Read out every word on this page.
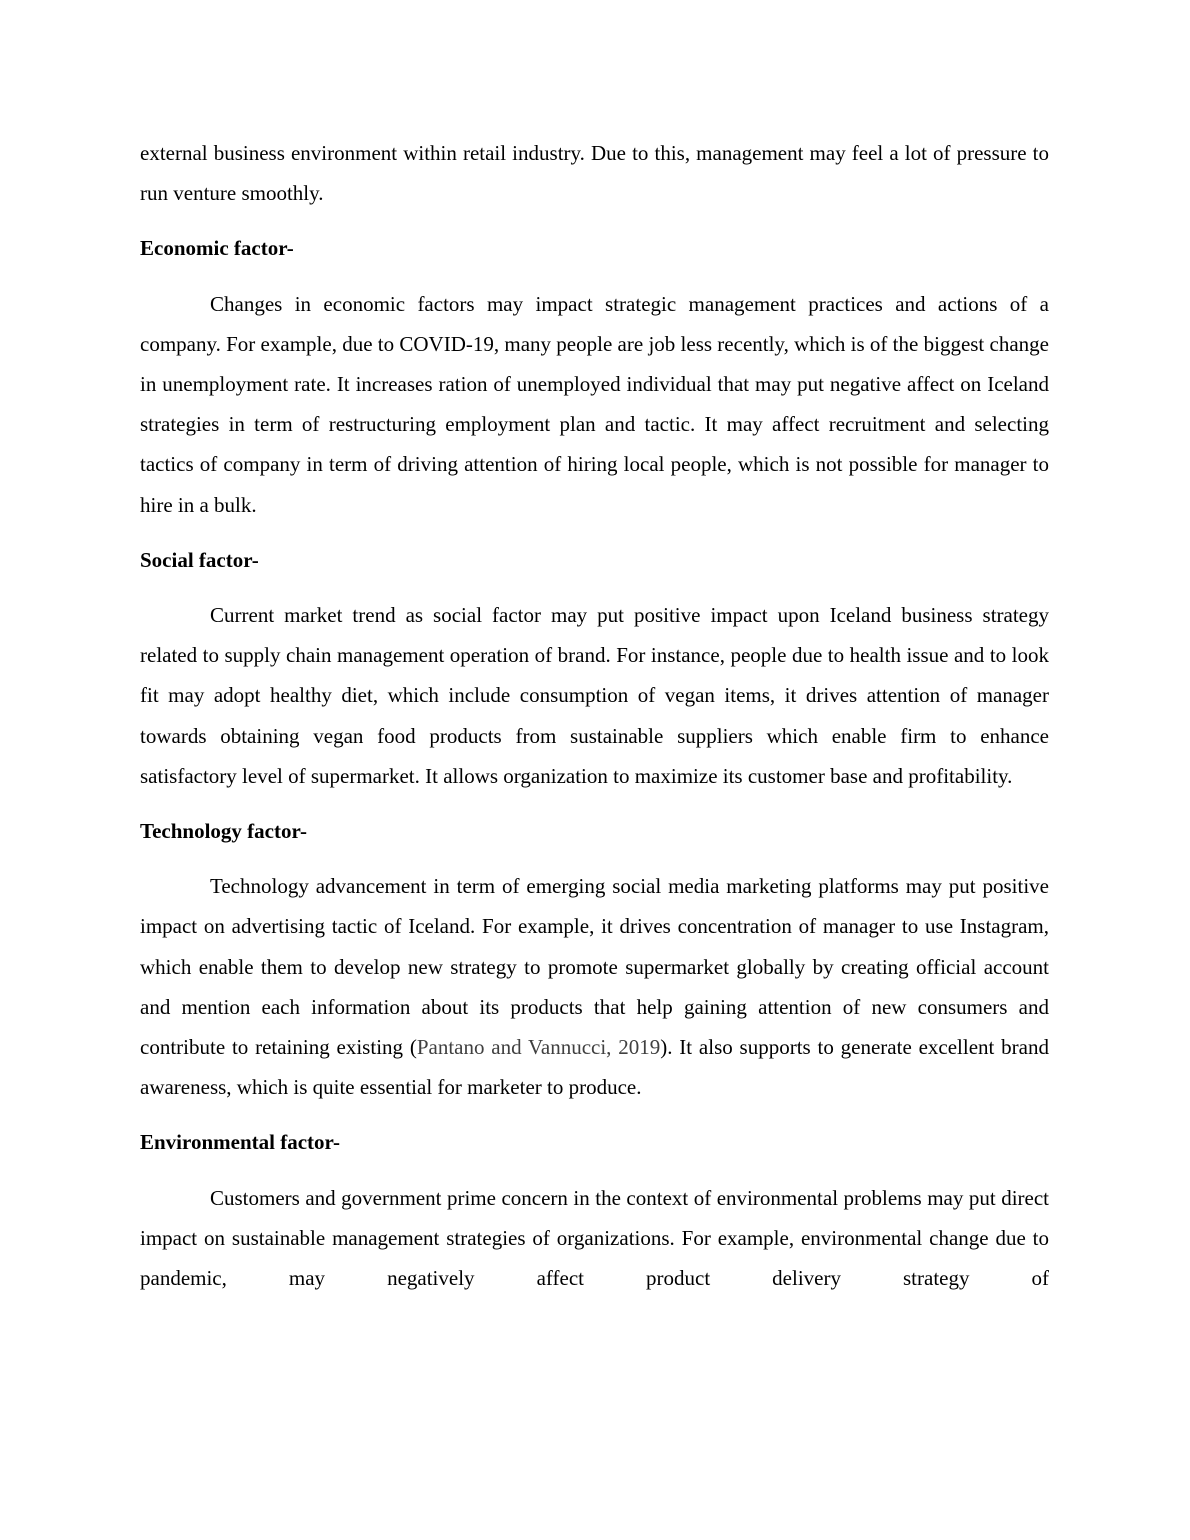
external business environment within retail industry. Due to this, management may feel a lot of pressure to run venture smoothly.

Economic factor-

Changes in economic factors may impact strategic management practices and actions of a company. For example, due to COVID-19, many people are job less recently, which is of the biggest change in unemployment rate. It increases ration of unemployed individual that may put negative affect on Iceland strategies in term of restructuring employment plan and tactic. It may affect recruitment and selecting tactics of company in term of driving attention of hiring local people, which is not possible for manager to hire in a bulk.

Social factor-

Current market trend as social factor may put positive impact upon Iceland business strategy related to supply chain management operation of brand. For instance, people due to health issue and to look fit may adopt healthy diet, which include consumption of vegan items, it drives attention of manager towards obtaining vegan food products from sustainable suppliers which enable firm to enhance satisfactory level of supermarket. It allows organization to maximize its customer base and profitability.

Technology factor-

Technology advancement in term of emerging social media marketing platforms may put positive impact on advertising tactic of Iceland. For example, it drives concentration of manager to use Instagram, which enable them to develop new strategy to promote supermarket globally by creating official account and mention each information about its products that help gaining attention of new consumers and contribute to retaining existing (Pantano and Vannucci, 2019). It also supports to generate excellent brand awareness, which is quite essential for marketer to produce.

Environmental factor-

Customers and government prime concern in the context of environmental problems may put direct impact on sustainable management strategies of organizations. For example, environmental change due to pandemic, may negatively affect product delivery strategy of
